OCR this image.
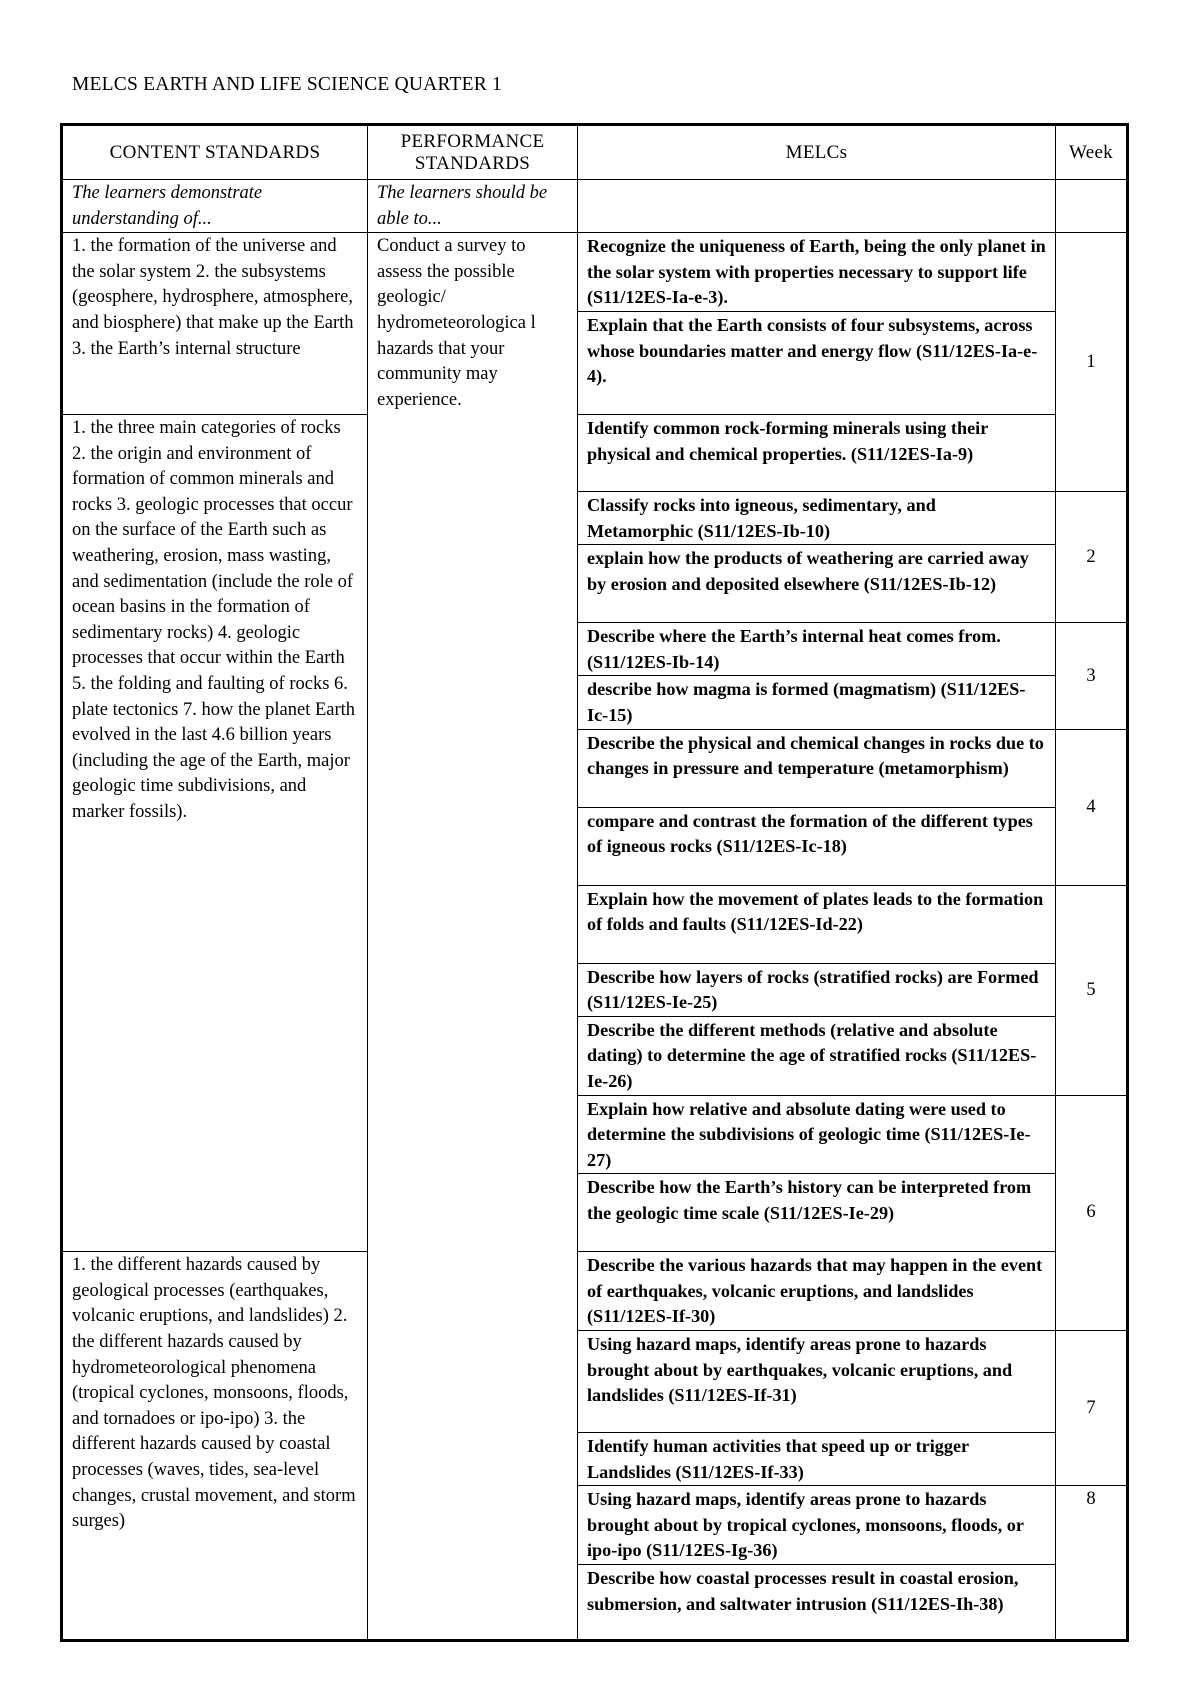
MELCS EARTH AND LIFE SCIENCE QUARTER 1
CONTENT STANDARDS	PERFORMANCE STANDARDS	MELCs	Week
The learners demonstrate understanding of...	The learners should be able to...		
1. the formation of the universe and the solar system 2. the subsystems (geosphere, hydrosphere, atmosphere, and biosphere) that make up the Earth 3. the Earth’s internal structure	Conduct a survey to assess the possible geologic/ hydrometeorologica l hazards that your community may experience.	Recognize the uniqueness of Earth, being the only planet in the solar system with properties necessary to support life (S11/12ES-Ia-e-3).	1
		Explain that the Earth consists of four subsystems, across whose boundaries matter and energy flow (S11/12ES-Ia-e-4).	
1. the three main categories of rocks 2. the origin and environment of formation of common minerals and rocks 3. geologic processes that occur on the surface of the Earth such as weathering, erosion, mass wasting, and sedimentation (include the role of ocean basins in the formation of sedimentary rocks) 4. geologic processes that occur within the Earth 5. the folding and faulting of rocks 6. plate tectonics 7. how the planet Earth evolved in the last 4.6 billion years (including the age of the Earth, major geologic time subdivisions, and marker fossils).		Identify common rock-forming minerals using their physical and chemical properties. (S11/12ES-Ia-9)	
		Classify rocks into igneous, sedimentary, and Metamorphic (S11/12ES-Ib-10)	2
		explain how the products of weathering are carried away by erosion and deposited elsewhere (S11/12ES-Ib-12)	
		Describe where the Earth’s internal heat comes from. (S11/12ES-Ib-14)	3
		describe how magma is formed (magmatism) (S11/12ES-Ic-15)	
		Describe the physical and chemical changes in rocks due to changes in pressure and temperature (metamorphism)	4
		compare and contrast the formation of the different types of igneous rocks (S11/12ES-Ic-18)	
		Explain how the movement of plates leads to the formation of folds and faults (S11/12ES-Id-22)	5
		Describe how layers of rocks (stratified rocks) are Formed (S11/12ES-Ie-25)	
		Describe the different methods (relative and absolute dating) to determine the age of stratified rocks (S11/12ES-Ie-26)	
		Explain how relative and absolute dating were used to determine the subdivisions of geologic time (S11/12ES-Ie-27)	6
		Describe how the Earth’s history can be interpreted from the geologic time scale (S11/12ES-Ie-29)	
1. the different hazards caused by geological processes (earthquakes, volcanic eruptions, and landslides) 2. the different hazards caused by hydrometeorological phenomena (tropical cyclones, monsoons, floods, and tornadoes or ipo-ipo) 3. the different hazards caused by coastal processes (waves, tides, sea-level changes, crustal movement, and storm surges)		Describe the various hazards that may happen in the event of earthquakes, volcanic eruptions, and landslides (S11/12ES-If-30)	
		Using hazard maps, identify areas prone to hazards brought about by earthquakes, volcanic eruptions, and landslides (S11/12ES-If-31)	7
		Identify human activities that speed up or trigger Landslides (S11/12ES-If-33)	
		Using hazard maps, identify areas prone to hazards brought about by tropical cyclones, monsoons, floods, or ipo-ipo (S11/12ES-Ig-36)	8
		Describe how coastal processes result in coastal erosion, submersion, and saltwater intrusion (S11/12ES-Ih-38)	
